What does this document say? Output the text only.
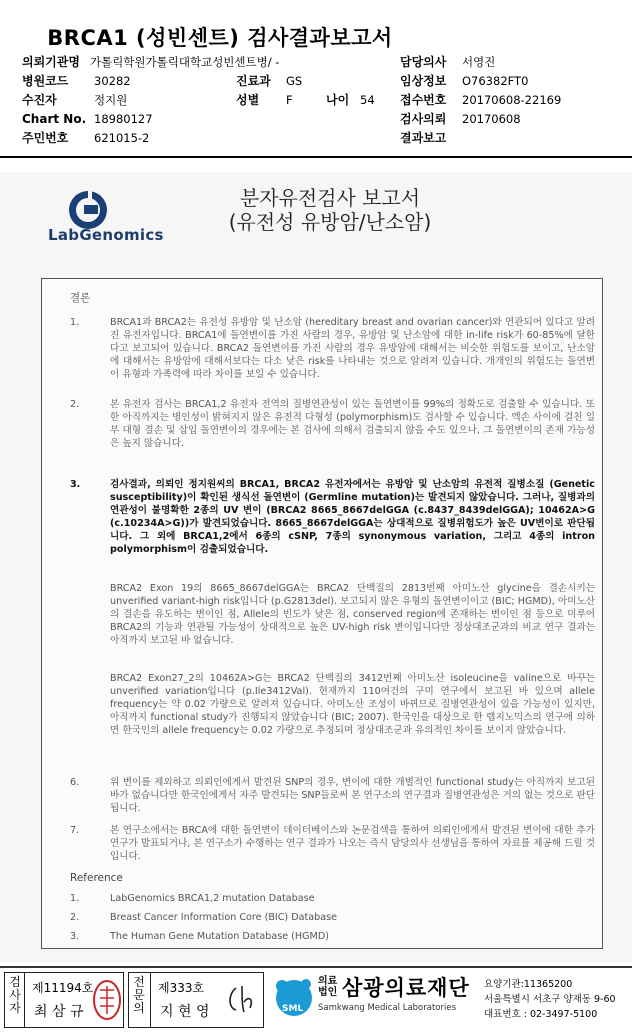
BRCA1 (성빈센트) 검사결과보고서
의뢰기관명 가톨릭학원가톨릭대학교성빈센트병/ -
병원코드 30282
수진자	정지원
Chart No. 18980127
주민번호 621015-2
진료과 GS
성별 F	나이 54
담당의사 서영진
임상정보 O76382FT0
접수번호 20170608-22169
검사의뢰 20170608
결과보고
LabGenomics
분자유전검사 보고서
(유전성 유방암/난소암)
결론
1.	BRCA1과 BRCA2는 유전성 유방암 및 난소암 (hereditary breast and ovarian cancer)와 연관되어 있다고 알려진 유전자입니다. BRCA1에 돌연변이를 가진 사람의 경우, 유방암 및 난소암에 대한 in-life risk가 60-85%에 달한다고 보고되어 있습니다. BRCA2 돌연변이를 가진 사람의 경우 유방암에 대해서는 비슷한 위험도를 보이고, 난소암에 대해서는 유방암에 대해서보다는 다소 낮은 risk를 나타내는 것으로 알려져 있습니다. 개개인의 위험도는 돌연변이 유형과 가족력에 따라 차이를 보일 수 있습니다.
2.	본 유전자 검사는 BRCA1,2 유전자 전역의 질병연관성이 있는 돌연변이를 99%의 정확도로 검출할 수 있습니다. 또한 아직까지는 병인성이 밝혀지지 않은 유전적 다형성 (polymorphism)도 검사할 수 있습니다. 엑손 사이에 걸친 일부 대형 결손 및 삽입 돌연변이의 경우에는 본 검사에 의해서 검출되지 않을 수도 있으나, 그 돌연변이의 존재 가능성은 높지 않습니다.
3.	검사결과, 의뢰인 정지원씨의 BRCA1, BRCA2 유전자에서는 유방암 및 난소암의 유전적 질병소질 (Genetic susceptibility)이 확인된 생식선 돌연변이 (Germline mutation)는 발견되지 않았습니다. 그러나, 질병과의 연관성이 불명확한 2종의 UV 변이 (BRCA2 8665_8667delGGA (c.8437_8439delGGA); 10462A>G (c.10234A>G))가 발견되었습니다. 8665_8667delGGA는 상대적으로 질병위험도가 높은 UV변이로 판단됩니다. 그 외에 BRCA1,2에서 6종의 cSNP, 7종의 synonymous variation, 그리고 4종의 intron polymorphism이 검출되었습니다.
BRCA2 Exon 19의 8665_8667delGGA는 BRCA2 단백질의 2813번째 아미노산 glycine을 결손시키는 unverified variant-high risk입니다 (p.G2813del). 보고되지 않은 유형의 돌연변이이고 (BIC; HGMD), 아미노산의 결손을 유도하는 변이인 점, Allele의 빈도가 낮은 점, conserved region에 존재하는 변이인 점 등으로 미루어 BRCA2의 기능과 연관될 가능성이 상대적으로 높은 UV-high risk 변이입니다만 정상대조군과의 비교 연구 결과는 아직까지 보고된 바 없습니다.
BRCA2 Exon27_2의 10462A>G는 BRCA2 단백질의 3412번째 아미노산 isoleucine을 valine으로 바꾸는 unverified variation입니다 (p.Ile3412Val). 현재까지 110여건의 구미 연구에서 보고된 바 있으며 allele frequency는 약 0.02 가량으로 알려져 있습니다. 아미노산 조성이 바뀌므로 질병연관성이 있을 가능성이 있지만, 아직까지 functional study가 진행되지 않았습니다 (BIC; 2007). 한국인을 대상으로 한 랩지노믹스의 연구에 의하면 한국인의 allele frequency는 0.02 가량으로 추정되며 정상대조군과 유의적인 차이를 보이지 않았습니다.
6.	위 변이를 제외하고 의뢰인에게서 발견된 SNP의 경우, 변이에 대한 개별적인 functional study는 아직까지 보고된 바가 없습니다만 한국인에게서 자주 발견되는 SNP들로써 본 연구소의 연구결과 질병연관성은 거의 없는 것으로 판단됩니다.
7.	본 연구소에서는 BRCA에 대한 돌연변이 데이터베이스와 논문검색을 통하여 의뢰인에게서 발견된 변이에 대한 추가 연구가 발표되거나, 본 연구소가 수행하는 연구 결과가 나오는 즉시 담당의사 선생님을 통하여 자료를 제공해 드릴 것입니다.
Reference
1.	LabGenomics BRCA1,2 mutation Database
2.	Breast Cancer Information Core (BIC) Database
3.	The Human Gene Mutation Database (HGMD)
검사자
제11194호
최 삼 규
전문의
제333호
지 현 영	SML
의료
법인 삼광의료재단
Samkwang Medical Laboratories
요양기관:11365200
서울특별시 서초구 양재동 9-60
대표번호 : 02-3497-5100
